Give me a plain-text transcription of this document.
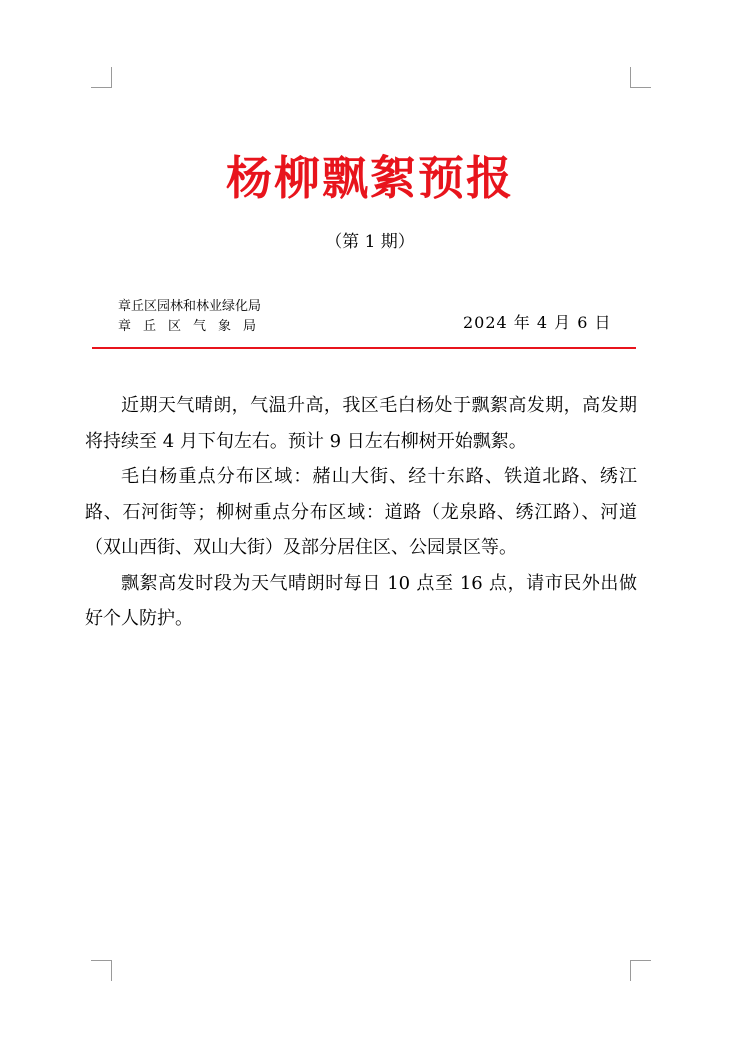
杨柳飘絮预报
（第 1 期）
章丘区园林和林业绿化局
章丘区气象局	2024 年 4 月 6 日

近期天气晴朗，气温升高，我区毛白杨处于飘絮高发期，高发期将持续至 4 月下旬左右。预计 9 日左右柳树开始飘絮。

毛白杨重点分布区域：赭山大街、经十东路、铁道北路、绣江路、石河街等；柳树重点分布区域：道路（龙泉路、绣江路）、河道（双山西街、双山大街）及部分居住区、公园景区等。

飘絮高发时段为天气晴朗时每日 10 点至 16 点，请市民外出做好个人防护。
